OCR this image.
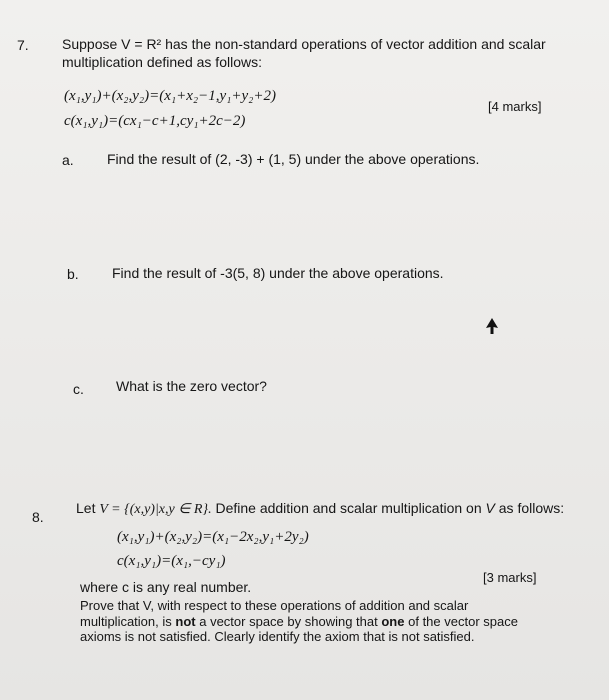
7. Suppose V = R² has the non-standard operations of vector addition and scalar
multiplication defined as follows:
(x₁,y₁)+(x₂,y₂)=(x₁+x₂−1,y₁+y₂+2)
c(x₁,y₁)=(cx₁−c+1,cy₁+2c−2)
[4 marks]
a. Find the result of (2, -3) + (1, 5) under the above operations.
b. Find the result of -3(5, 8) under the above operations.
c. What is the zero vector?
8.
Let V = {(x,y)|x,y ∈ R}. Define addition and scalar multiplication on V as follows:
(x₁,y₁)+(x₂,y₂)=(x₁−2x₂,y₁+2y₂)
c(x₁,y₁)=(x₁,−cy₁)
where c is any real number.
[3 marks]
Prove that V, with respect to these operations of addition and scalar
multiplication, is not a vector space by showing that one of the vector space
axioms is not satisfied. Clearly identify the axiom that is not satisfied.
